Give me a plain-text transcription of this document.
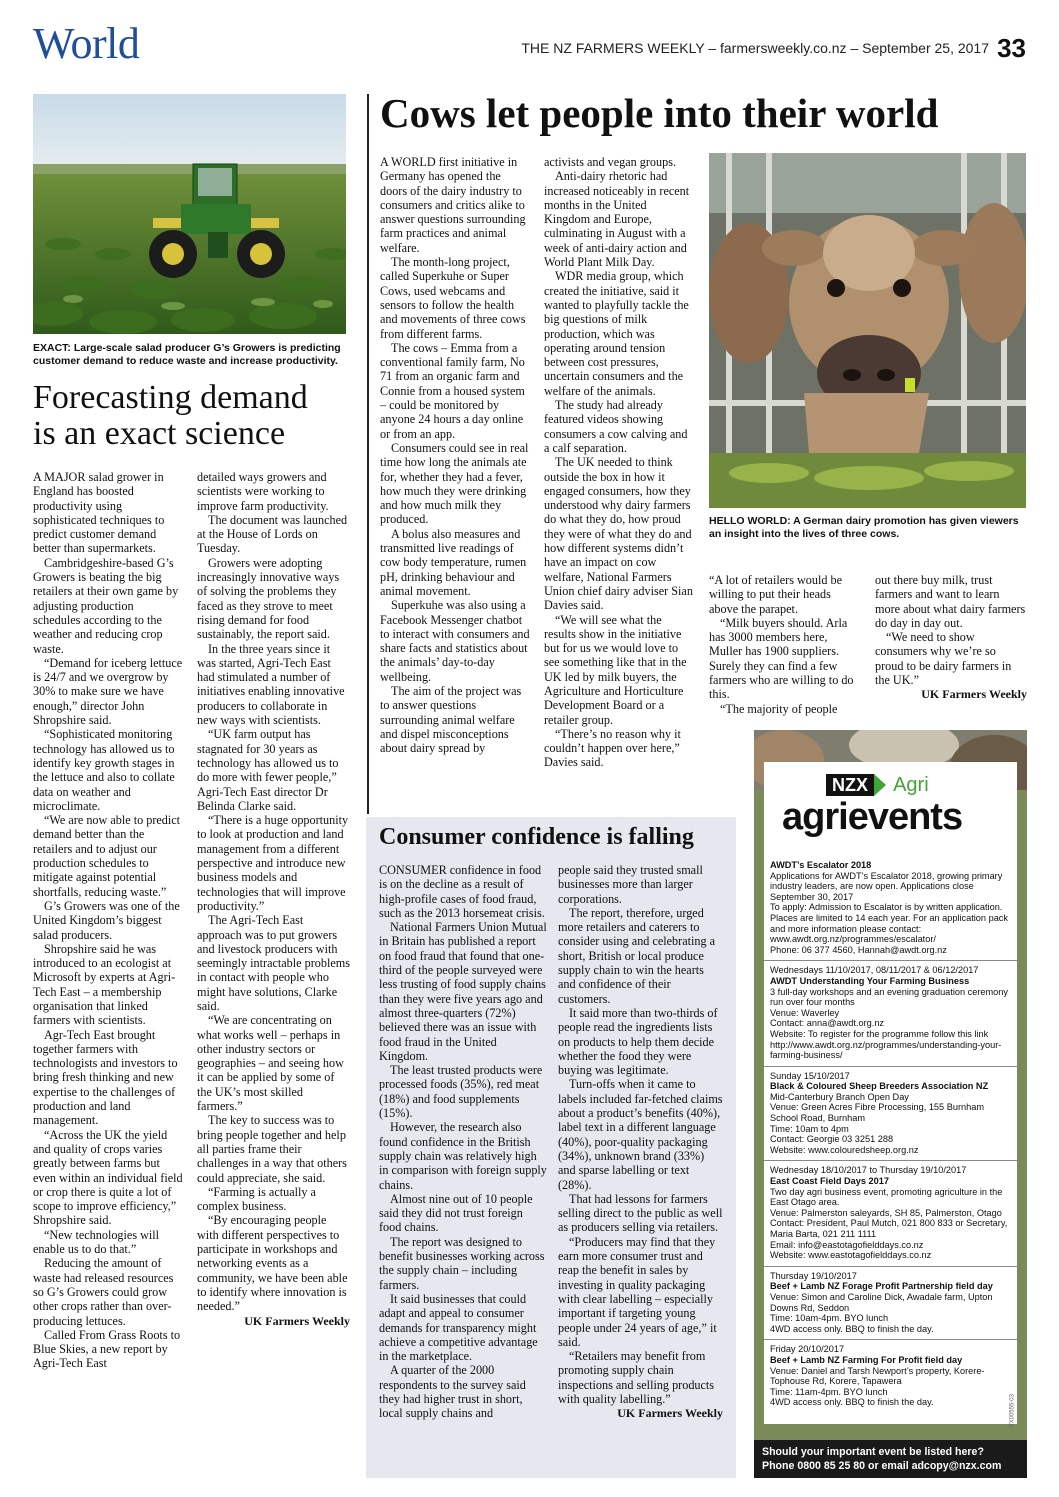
World	THE NZ FARMERS WEEKLY – farmersweekly.co.nz – September 25, 2017 33
EXACT: Large-scale salad producer G’s Growers is predicting customer demand to reduce waste and increase productivity.
Forecasting demand
is an exact science

A MAJOR salad grower in England has boosted productivity using sophisticated techniques to predict customer demand better than supermarkets.

Cambridgeshire-based G’s Growers is beating the big retailers at their own game by adjusting production schedules according to the weather and reducing crop waste.

“Demand for iceberg lettuce is 24/7 and we overgrow by 30% to make sure we have enough,” director John Shropshire said.

“Sophisticated monitoring technology has allowed us to identify key growth stages in the lettuce and also to collate data on weather and microclimate.

“We are now able to predict demand better than the retailers and to adjust our production schedules to mitigate against potential shortfalls, reducing waste.”

G’s Growers was one of the United Kingdom’s biggest salad producers.

Shropshire said he was introduced to an ecologist at Microsoft by experts at Agri-Tech East – a membership organisation that linked farmers with scientists.

Agr-Tech East brought together farmers with technologists and investors to bring fresh thinking and new expertise to the challenges of production and land management.

“Across the UK the yield and quality of crops varies greatly between farms but even within an individual field or crop there is quite a lot of scope to improve efficiency,” Shropshire said.

“New technologies will enable us to do that.”

Reducing the amount of waste had released resources so G’s Growers could grow other crops rather than over-producing lettuces.

Called From Grass Roots to Blue Skies, a new report by Agri-Tech East

detailed ways growers and scientists were working to improve farm productivity.

The document was launched at the House of Lords on Tuesday.

Growers were adopting increasingly innovative ways of solving the problems they faced as they strove to meet rising demand for food sustainably, the report said.

In the three years since it was started, Agri-Tech East had stimulated a number of initiatives enabling innovative producers to collaborate in new ways with scientists.

“UK farm output has stagnated for 30 years as technology has allowed us to do more with fewer people,” Agri-Tech East director Dr Belinda Clarke said.

“There is a huge opportunity to look at production and land management from a different perspective and introduce new business models and technologies that will improve productivity.”

The Agri-Tech East approach was to put growers and livestock producers with seemingly intractable problems in contact with people who might have solutions, Clarke said.

“We are concentrating on what works well – perhaps in other industry sectors or geographies – and seeing how it can be applied by some of the UK’s most skilled farmers.”

The key to success was to bring people together and help all parties frame their challenges in a way that others could appreciate, she said.

“Farming is actually a complex business.

“By encouraging people with different perspectives to participate in workshops and networking events as a community, we have been able to identify where innovation is needed.”

UK Farmers Weekly
Cows let people into their world

A WORLD first initiative in Germany has opened the doors of the dairy industry to consumers and critics alike to answer questions surrounding farm practices and animal welfare.

The month-long project, called Superkuhe or Super Cows, used webcams and sensors to follow the health and movements of three cows from different farms.

The cows – Emma from a conventional family farm, No 71 from an organic farm and Connie from a housed system – could be monitored by anyone 24 hours a day online or from an app.

Consumers could see in real time how long the animals ate for, whether they had a fever, how much they were drinking and how much milk they produced.

A bolus also measures and transmitted live readings of cow body temperature, rumen pH, drinking behaviour and animal movement.

Superkuhe was also using a Facebook Messenger chatbot to interact with consumers and share facts and statistics about the animals’ day-to-day wellbeing.

The aim of the project was to answer questions surrounding animal welfare and dispel misconceptions about dairy spread by

activists and vegan groups.

Anti-dairy rhetoric had increased noticeably in recent months in the United Kingdom and Europe, culminating in August with a week of anti-dairy action and World Plant Milk Day.

WDR media group, which created the initiative, said it wanted to playfully tackle the big questions of milk production, which was operating around tension between cost pressures, uncertain consumers and the welfare of the animals.

The study had already featured videos showing consumers a cow calving and a calf separation.

The UK needed to think outside the box in how it engaged consumers, how they understood why dairy farmers do what they do, how proud they were of what they do and how different systems didn’t have an impact on cow welfare, National Farmers Union chief dairy adviser Sian Davies said.

“We will see what the results show in the initiative but for us we would love to see something like that in the UK led by milk buyers, the Agriculture and Horticulture Development Board or a retailer group.

“There’s no reason why it couldn’t happen over here,” Davies said.

HELLO WORLD: A German dairy promotion has given viewers an insight into the lives of three cows.

“A lot of retailers would be willing to put their heads above the parapet.

“Milk buyers should. Arla has 3000 members here, Muller has 1900 suppliers. Surely they can find a few farmers who are willing to do this.

“The majority of people

out there buy milk, trust farmers and want to learn more about what dairy farmers do day in day out.

“We need to show consumers why we’re so proud to be dairy farmers in the UK.”

UK Farmers Weekly
Consumer confidence is falling

CONSUMER confidence in food is on the decline as a result of high-profile cases of food fraud, such as the 2013 horsemeat crisis.

National Farmers Union Mutual in Britain has published a report on food fraud that found that one-third of the people surveyed were less trusting of food supply chains than they were five years ago and almost three-quarters (72%) believed there was an issue with food fraud in the United Kingdom.

The least trusted products were processed foods (35%), red meat (18%) and food supplements (15%).

However, the research also found confidence in the British supply chain was relatively high in comparison with foreign supply chains.

Almost nine out of 10 people said they did not trust foreign food chains.

The report was designed to benefit businesses working across the supply chain – including farmers.

It said businesses that could adapt and appeal to consumer demands for transparency might achieve a competitive advantage in the marketplace.

A quarter of the 2000 respondents to the survey said they had higher trust in short, local supply chains and

people said they trusted small businesses more than larger corporations.

The report, therefore, urged more retailers and caterers to consider using and celebrating a short, British or local produce supply chain to win the hearts and confidence of their customers.

It said more than two-thirds of people read the ingredients lists on products to help them decide whether the food they were buying was legitimate.

Turn-offs when it came to labels included far-fetched claims about a product’s benefits (40%), label text in a different language (40%), poor-quality packaging (34%), unknown brand (33%) and sparse labelling or text (28%).

That had lessons for farmers selling direct to the public as well as producers selling via retailers.

“Producers may find that they earn more consumer trust and reap the benefit in sales by investing in quality packaging with clear labelling – especially important if targeting young people under 24 years of age,” it said.

“Retailers may benefit from promoting supply chain inspections and selling products with quality labelling.”

UK Farmers Weekly
NZX Agri
agrievents
AWDT’s Escalator 2018
Applications for AWDT’s Escalator 2018, growing primary industry leaders, are now open. Applications close September 30, 2017
To apply: Admission to Escalator is by written application. Places are limited to 14 each year. For an application pack and more information please contact: www.awdt.org.nz/programmes/escalator/
Phone: 06 377 4560, Hannah@awdt.org.nz
Wednesdays 11/10/2017, 08/11/2017 & 06/12/2017
AWDT Understanding Your Farming Business
3 full-day workshops and an evening graduation ceremony run over four months
Venue: Waverley
Contact: anna@awdt.org.nz
Website: To register for the programme follow this link http://www.awdt.org.nz/programmes/understanding-your-farming-business/
Sunday 15/10/2017
Black & Coloured Sheep Breeders Association NZ
Mid-Canterbury Branch Open Day
Venue: Green Acres Fibre Processing, 155 Burnham School Road, Burnham
Time: 10am to 4pm
Contact: Georgie 03 3251 288
Website: www.colouredsheep.org.nz
Wednesday 18/10/2017 to Thursday 19/10/2017
East Coast Field Days 2017
Two day agri business event, promoting agriculture in the East Otago area.
Venue: Palmerston saleyards, SH 85, Palmerston, Otago
Contact: President, Paul Mutch, 021 800 833 or Secretary, Maria Barta, 021 211 1111
Email: info@eastotagofielddays.co.nz
Website: www.eastotagofielddays.co.nz
Thursday 19/10/2017
Beef + Lamb NZ Forage Profit Partnership field day
Venue: Simon and Caroline Dick, Awadale farm, Upton Downs Rd, Seddon
Time: 10am-4pm. BYO lunch
4WD access only. BBQ to finish the day.
Friday 20/10/2017
Beef + Lamb NZ Farming For Profit field day
Venue: Daniel and Tarsh Newport’s property, Korere-Tophouse Rd, Korere, Tapawera
Time: 11am-4pm. BYO lunch
4WD access only. BBQ to finish the day.	VX00555-03
Should your important event be listed here?
Phone 0800 85 25 80 or email adcopy@nzx.com
